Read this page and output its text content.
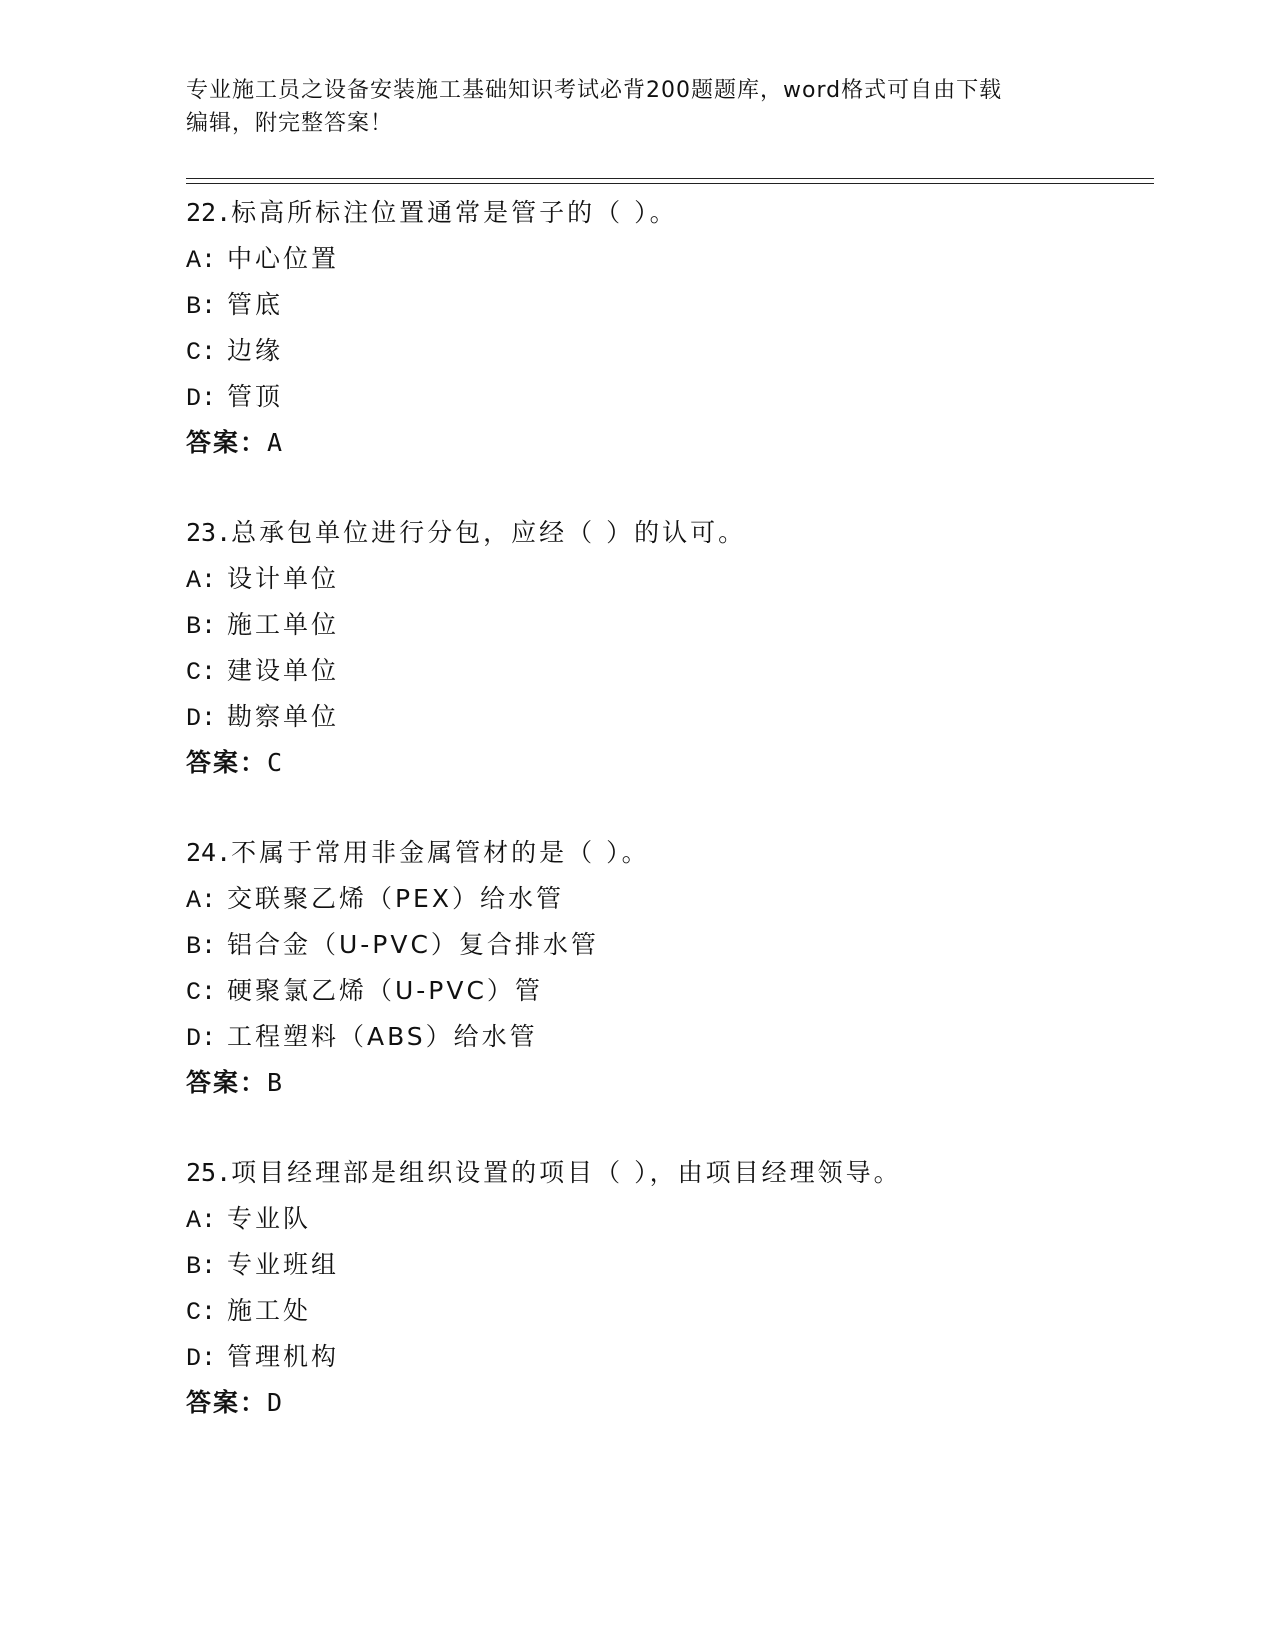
专业施工员之设备安装施工基础知识考试必背200题题库，word格式可自由下载
编辑，附完整答案！
22.标高所标注位置通常是管子的（ ）。
A: 中心位置
B: 管底
C: 边缘
D: 管顶
答案：A
23.总承包单位进行分包，应经（ ）的认可。
A: 设计单位
B: 施工单位
C: 建设单位
D: 勘察单位
答案：C
24.不属于常用非金属管材的是（ ）。
A: 交联聚乙烯（PEX）给水管
B: 铝合金（U-PVC）复合排水管
C: 硬聚氯乙烯（U-PVC）管
D: 工程塑料（ABS）给水管
答案：B
25.项目经理部是组织设置的项目（ ），由项目经理领导。
A: 专业队
B: 专业班组
C: 施工处
D: 管理机构
答案：D
